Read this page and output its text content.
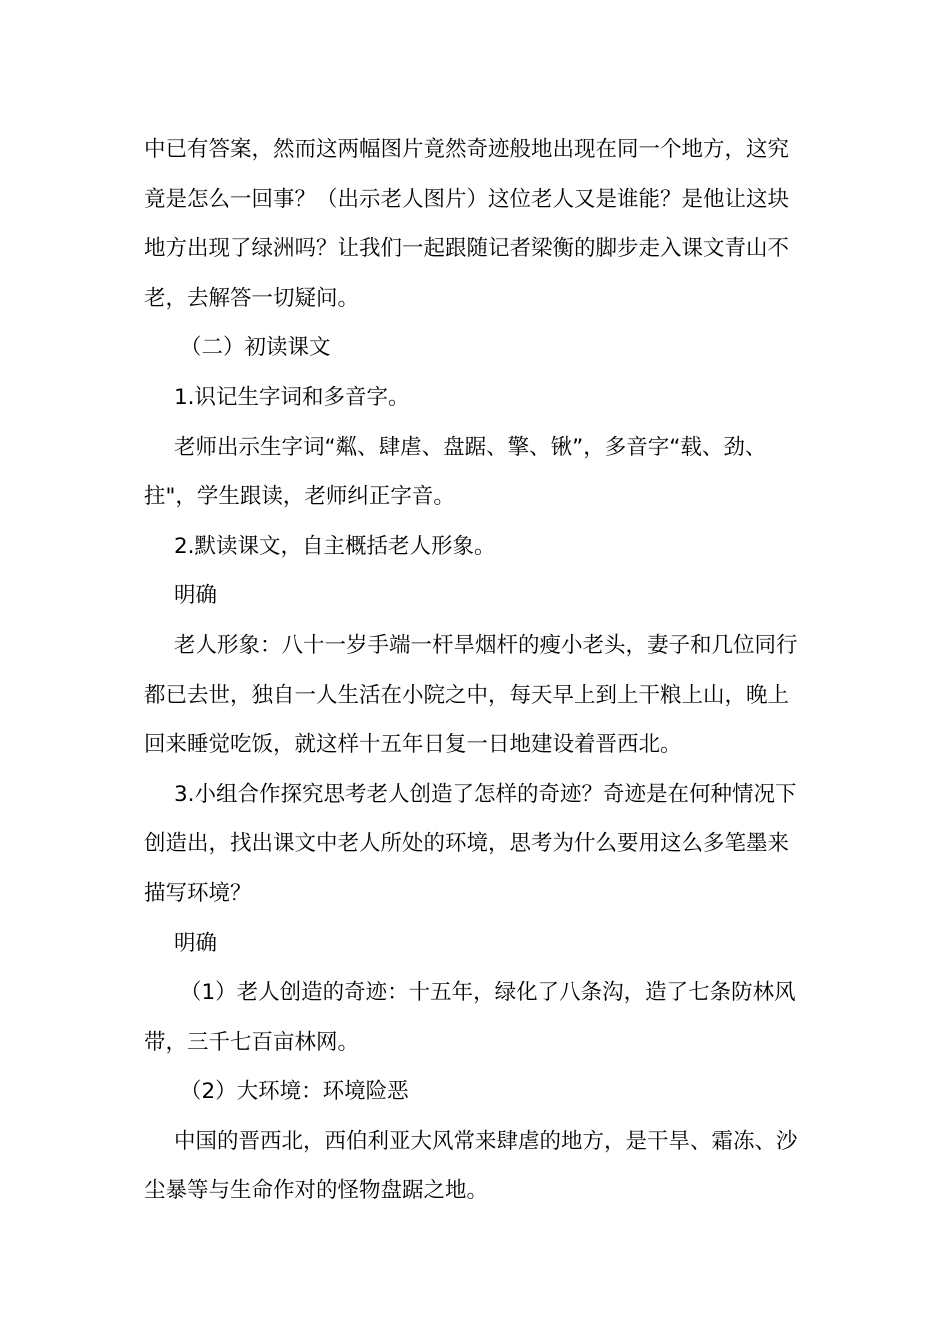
中已有答案，然而这两幅图片竟然奇迹般地出现在同一个地方，这究竟是怎么一回事？（出示老人图片）这位老人又是谁能？是他让这块地方出现了绿洲吗？让我们一起跟随记者梁衡的脚步走入课文青山不老，去解答一切疑问。

（二）初读课文

1.识记生字词和多音字。

老师出示生字词“粼、肆虐、盘踞、擎、锹”，多音字“载、劲、拄"，学生跟读，老师纠正字音。

2.默读课文，自主概括老人形象。

明确

老人形象：八十一岁手端一杆旱烟杆的瘦小老头，妻子和几位同行都已去世，独自一人生活在小院之中，每天早上到上干粮上山，晚上回来睡觉吃饭，就这样十五年日复一日地建设着晋西北。

3.小组合作探究思考老人创造了怎样的奇迹？奇迹是在何种情况下创造出，找出课文中老人所处的环境，思考为什么要用这么多笔墨来描写环境？

明确

（1）老人创造的奇迹：十五年，绿化了八条沟，造了七条防林风带，三千七百亩林网。

（2）大环境：环境险恶

中国的晋西北，西伯利亚大风常来肆虐的地方，是干旱、霜冻、沙尘暴等与生命作对的怪物盘踞之地。
